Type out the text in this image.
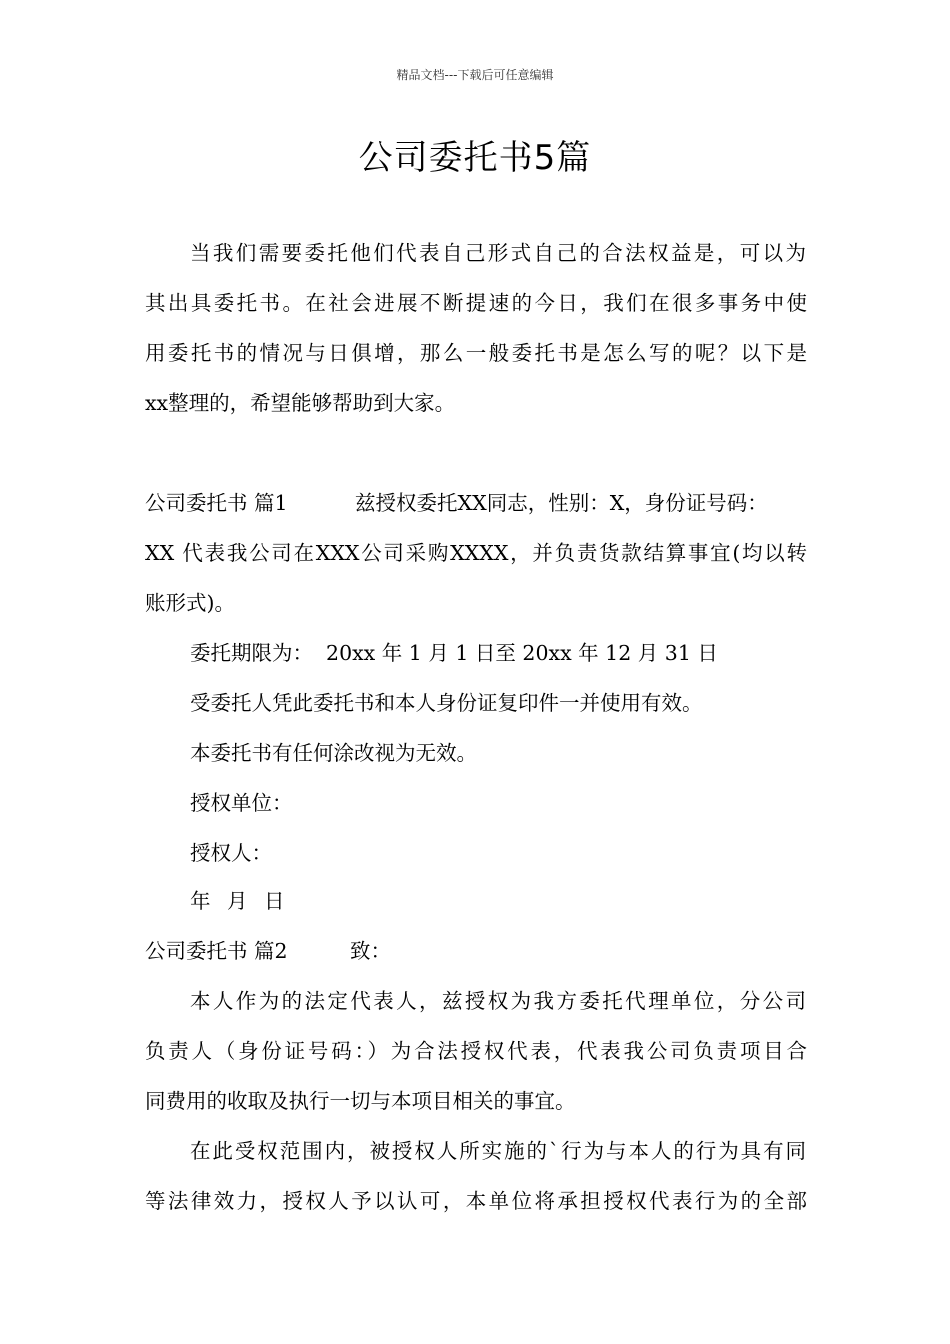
精品文档---下载后可任意编辑
公司委托书5篇
当我们需要委托他们代表自己形式自己的合法权益是，可以为
其出具委托书。在社会进展不断提速的今日，我们在很多事务中使
用委托书的情况与日俱增，那么一般委托书是怎么写的呢？以下是
xx整理的，希望能够帮助到大家。
公司委托书 篇1	兹授权委托XX同志，性别：X，身份证号码：
XX 代表我公司在XXX公司采购XXXX，并负责货款结算事宜(均以转
账形式)。
委托期限为：  20xx 年 1 月 1 日至 20xx 年 12 月 31 日
受委托人凭此委托书和本人身份证复印件一并使用有效。
本委托书有任何涂改视为无效。
授权单位：
授权人：
年 月 日
公司委托书 篇2	致：
本人作为的法定代表人，兹授权为我方委托代理单位，分公司
负责人（身份证号码：）为合法授权代表，代表我公司负责项目合
同费用的收取及执行一切与本项目相关的事宜。
在此受权范围内，被授权人所实施的`行为与本人的行为具有同
等法律效力，授权人予以认可，本单位将承担授权代表行为的全部
